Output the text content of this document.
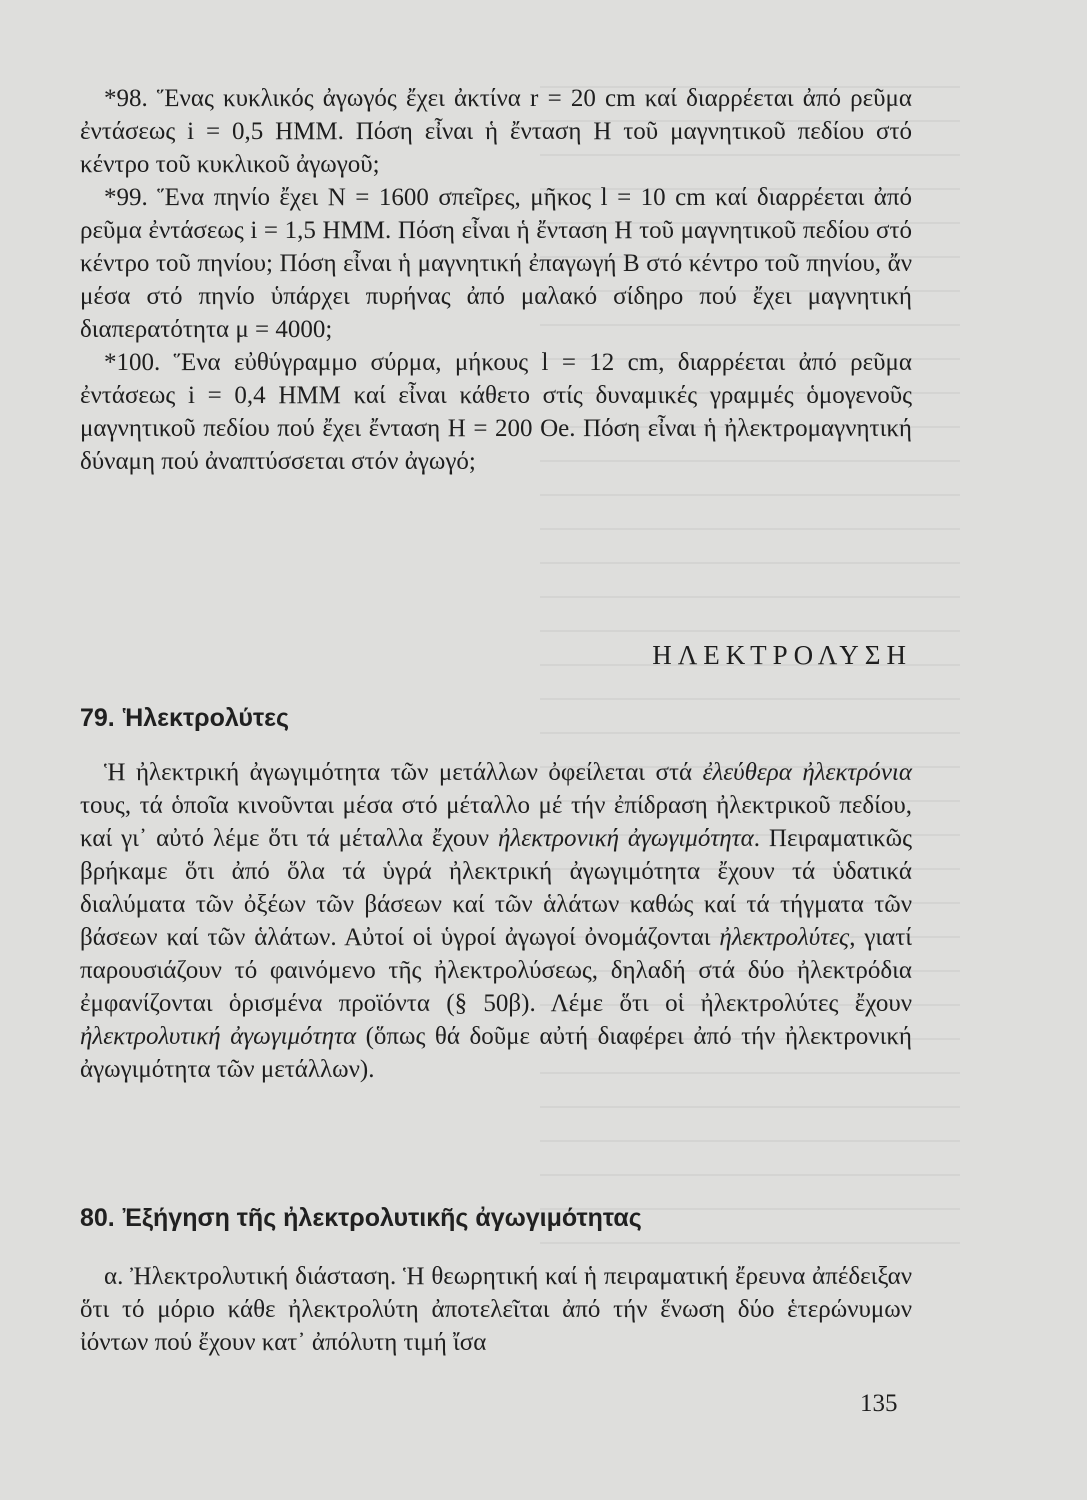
*98. Ἕνας κυκλικός ἀγωγός ἔχει ἀκτίνα r = 20 cm καί διαρρέεται ἀπό ρεῦμα ἐντάσεως i = 0,5 ΗΜΜ. Πόση εἶναι ἡ ἔνταση Η τοῦ μαγνητικοῦ πεδίου στό κέντρο τοῦ κυκλικοῦ ἀγωγοῦ;

*99. Ἕνα πηνίο ἔχει Ν = 1600 σπεῖρες, μῆκος l = 10 cm καί διαρρέεται ἀπό ρεῦμα ἐντάσεως i = 1,5 ΗΜΜ. Πόση εἶναι ἡ ἔνταση Η τοῦ μαγνητικοῦ πεδίου στό κέντρο τοῦ πηνίου; Πόση εἶναι ἡ μαγνητική ἐπαγωγή Β στό κέντρο τοῦ πηνίου, ἄν μέσα στό πηνίο ὑπάρχει πυρήνας ἀπό μαλακό σίδηρο πού ἔχει μαγνητική διαπερατότητα μ = 4000;

*100. Ἕνα εὐθύγραμμο σύρμα, μήκους l = 12 cm, διαρρέεται ἀπό ρεῦμα ἐντάσεως i = 0,4 ΗΜΜ καί εἶναι κάθετο στίς δυναμικές γραμμές ὁμογενοῦς μαγνητικοῦ πεδίου πού ἔχει ἔνταση Η = 200 Oe. Πόση εἶναι ἡ ἠλεκτρομαγνητική δύναμη πού ἀναπτύσσεται στόν ἀγωγό;

ΗΛΕΚΤΡΟΛΥΣΗ
79. Ἡλεκτρολύτες

Ἡ ἠλεκτρική ἀγωγιμότητα τῶν μετάλλων ὀφείλεται στά ἐλεύθερα ἠλεκτρόνια τους, τά ὁποῖα κινοῦνται μέσα στό μέταλλο μέ τήν ἐπίδραση ἠλεκτρικοῦ πεδίου, καί γι᾽ αὐτό λέμε ὅτι τά μέταλλα ἔχουν ἠλεκτρονική ἀγωγιμότητα. Πειραματικῶς βρήκαμε ὅτι ἀπό ὅλα τά ὑγρά ἠλεκτρική ἀγωγιμότητα ἔχουν τά ὑδατικά διαλύματα τῶν ὀξέων τῶν βάσεων καί τῶν ἁλάτων καθώς καί τά τήγματα τῶν βάσεων καί τῶν ἁλάτων. Αὐτοί οἱ ὑγροί ἀγωγοί ὀνομάζονται ἠλεκτρολύτες, γιατί παρουσιάζουν τό φαινόμενο τῆς ἠλεκτρολύσεως, δηλαδή στά δύο ἠλεκτρόδια ἐμφανίζονται ὁρισμένα προϊόντα (§ 50β). Λέμε ὅτι οἱ ἠλεκτρολύτες ἔχουν ἠλεκτρολυτική ἀγωγιμότητα (ὅπως θά δοῦμε αὐτή διαφέρει ἀπό τήν ἠλεκτρονική ἀγωγιμότητα τῶν μετάλλων).

80. Ἐξήγηση τῆς ἠλεκτρολυτικῆς ἀγωγιμότητας

α. Ἠλεκτρολυτική διάσταση. Ἡ θεωρητική καί ἡ πειραματική ἔρευνα ἀπέδειξαν ὅτι τό μόριο κάθε ἠλεκτρολύτη ἀποτελεῖται ἀπό τήν ἕνωση δύο ἑτερώνυμων ἰόντων πού ἔχουν κατ᾽ ἀπόλυτη τιμή ἴσα

135
